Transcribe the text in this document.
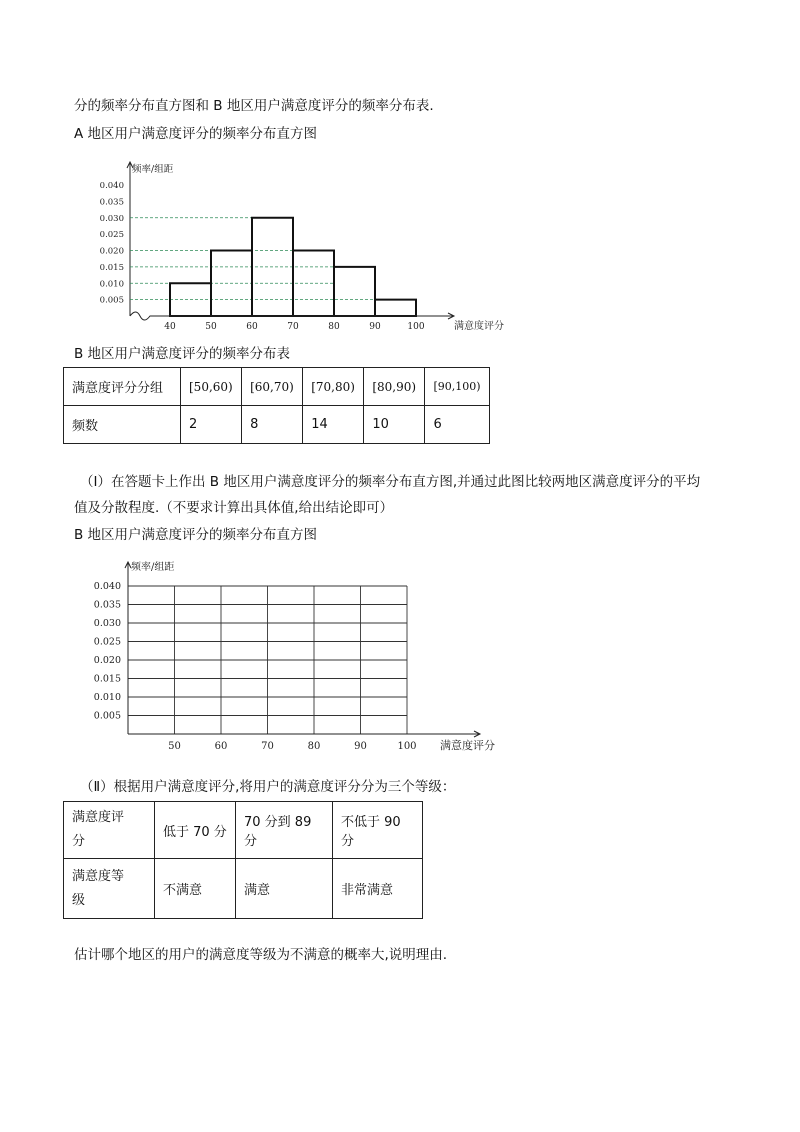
分的频率分布直方图和 B 地区用户满意度评分的频率分布表.
A 地区用户满意度评分的频率分布直方图
频率/组距
0.040
0.035
0.030
0.025
0.020
0.015
0.010
0.005
40	50	60	70	80	90	100	满意度评分
B 地区用户满意度评分的频率分布表
满意度评分分组	[50,60)	[60,70)	[70,80)	[80,90)	[90,100)
频数	2	8	14	10	6
（Ⅰ）在答题卡上作出 B 地区用户满意度评分的频率分布直方图,并通过此图比较两地区满意度评分的平均
值及分散程度.（不要求计算出具体值,给出结论即可）
B 地区用户满意度评分的频率分布直方图
频率/组距
0.040
0.035
0.030
0.025
0.020
0.015
0.010
0.005
50	60	70	80	90	100 满意度评分
（Ⅱ）根据用户满意度评分,将用户的满意度评分分为三个等级：
满意度评
分	低于 70 分	70 分到 89 分	不低于 90 分
满意度等
级	不满意	满意	非常满意
估计哪个地区的用户的满意度等级为不满意的概率大,说明理由.
